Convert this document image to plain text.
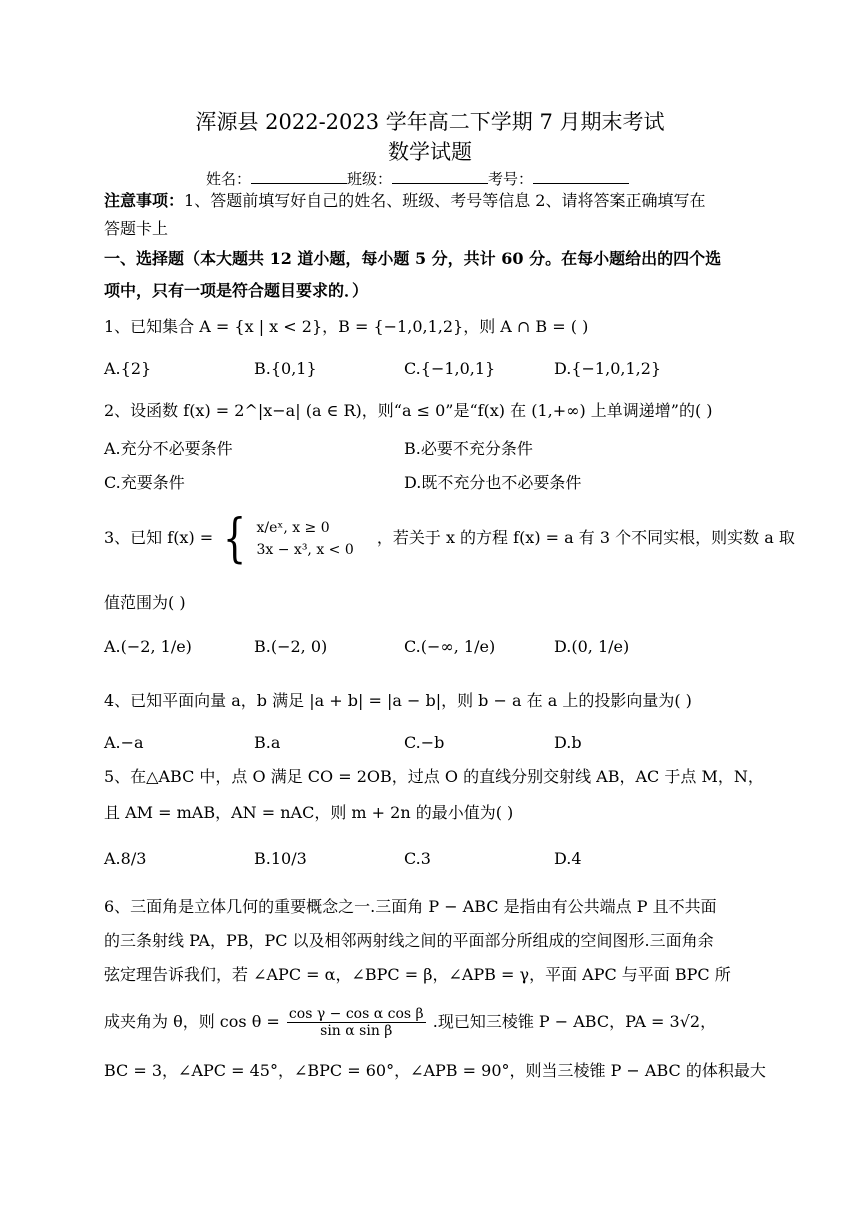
浑源县 2022-2023 学年高二下学期 7 月期末考试
数学试题
姓名：	班级：	考号：
注意事项：1、答题前填写好自己的姓名、班级、考号等信息 2、请将答案正确填写在
答题卡上
一、选择题（本大题共 12 道小题，每小题 5 分，共计 60 分。在每小题给出的四个选
项中，只有一项是符合题目要求的．）
1、已知集合 A = {x | x < 2}，B = {−1,0,1,2}，则 A ∩ B = ( )
A.{2}	B.{0,1}	C.{−1,0,1}	D.{−1,0,1,2}
2、设函数 f(x) = 2^|x−a| (a ∈ R)，则“a ≤ 0”是“f(x) 在 (1,+∞) 上单调递增”的( )
A.充分不必要条件	B.必要不充分条件
C.充要条件	D.既不充分也不必要条件
3、已知 f(x) = { x/eˣ, x ≥ 0
3x − x³, x < 0
，若关于 x 的方程 f(x) = a 有 3 个不同实根，则实数 a 取
值范围为( )
A.(−2, 1/e)	B.(−2, 0)	C.(−∞, 1/e)	D.(0, 1/e)
4、已知平面向量 a，b 满足 |a + b| = |a − b|，则 b − a 在 a 上的投影向量为( )
A.−a	B.a	C.−b	D.b
5、在△ABC 中，点 O 满足 CO = 2OB，过点 O 的直线分别交射线 AB，AC 于点 M，N，
且 AM = mAB，AN = nAC，则 m + 2n 的最小值为( )
A.8/3	B.10/3	C.3	D.4
6、三面角是立体几何的重要概念之一.三面角 P − ABC 是指由有公共端点 P 且不共面
的三条射线 PA，PB，PC 以及相邻两射线之间的平面部分所组成的空间图形.三面角余
弦定理告诉我们，若 ∠APC = α，∠BPC = β，∠APB = γ，平面 APC 与平面 BPC 所
成夹角为 θ，则 $\cos \theta = \frac{\text{cos γ − cos α cos β}}{\text{sin α sin β}}$ .现已知三棱锥 P − ABC，PA = 3√2，
BC = 3，∠APC = 45°，∠BPC = 60°，∠APB = 90°，则当三棱锥 P − ABC 的体积最大
